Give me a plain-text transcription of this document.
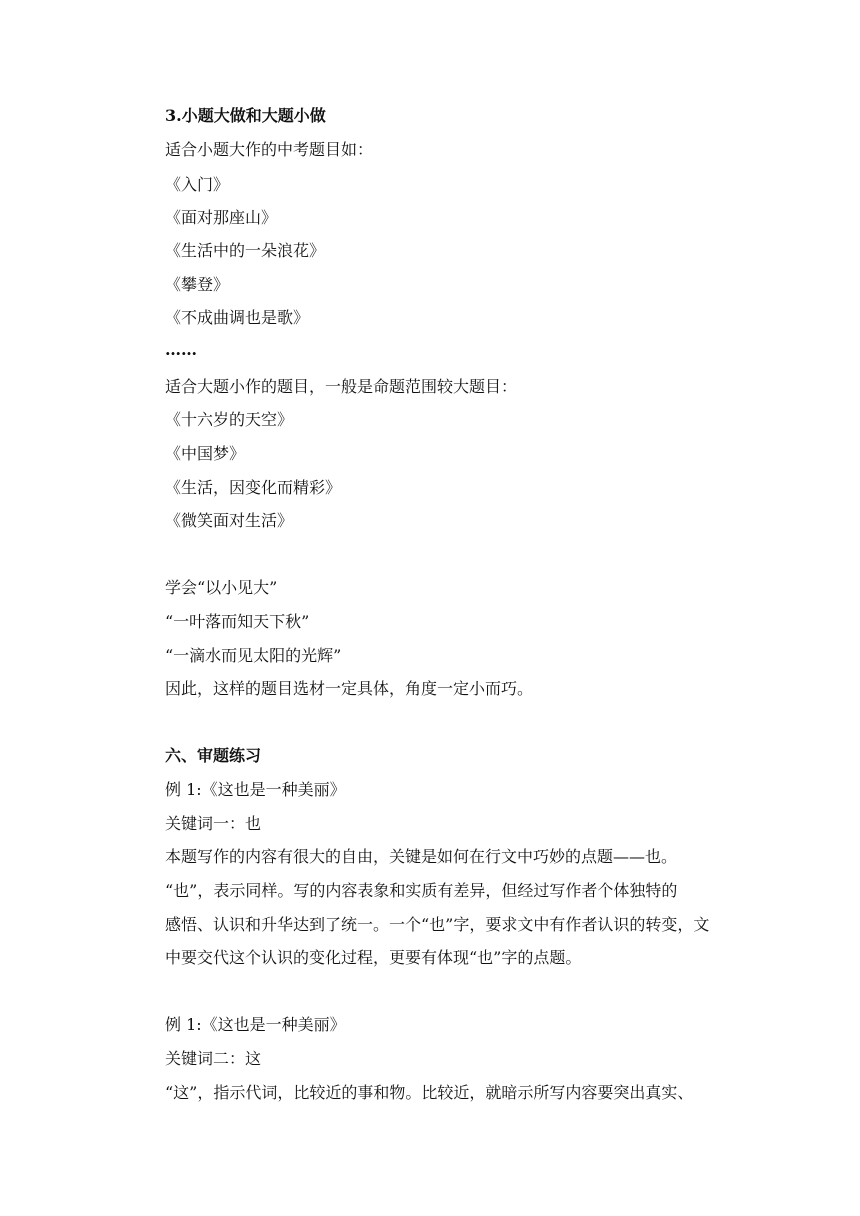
3.小题大做和大题小做
适合小题大作的中考题目如：
《入门》
《面对那座山》
《生活中的一朵浪花》
《攀登》
《不成曲调也是歌》
……
适合大题小作的题目，一般是命题范围较大题目：
《十六岁的天空》
《中国梦》
《生活，因变化而精彩》
《微笑面对生活》
学会“以小见大”
“一叶落而知天下秋”
“一滴水而见太阳的光辉”
因此，这样的题目选材一定具体，角度一定小而巧。
六、审题练习
例 1:《这也是一种美丽》
关键词一：也
本题写作的内容有很大的自由，关键是如何在行文中巧妙的点题——也。
“也”，表示同样。写的内容表象和实质有差异，但经过写作者个体独特的
感悟、认识和升华达到了统一。一个“也”字，要求文中有作者认识的转变，文
中要交代这个认识的变化过程，更要有体现“也”字的点题。
例 1:《这也是一种美丽》
关键词二：这
“这”，指示代词，比较近的事和物。比较近，就暗示所写内容要突出真实、
